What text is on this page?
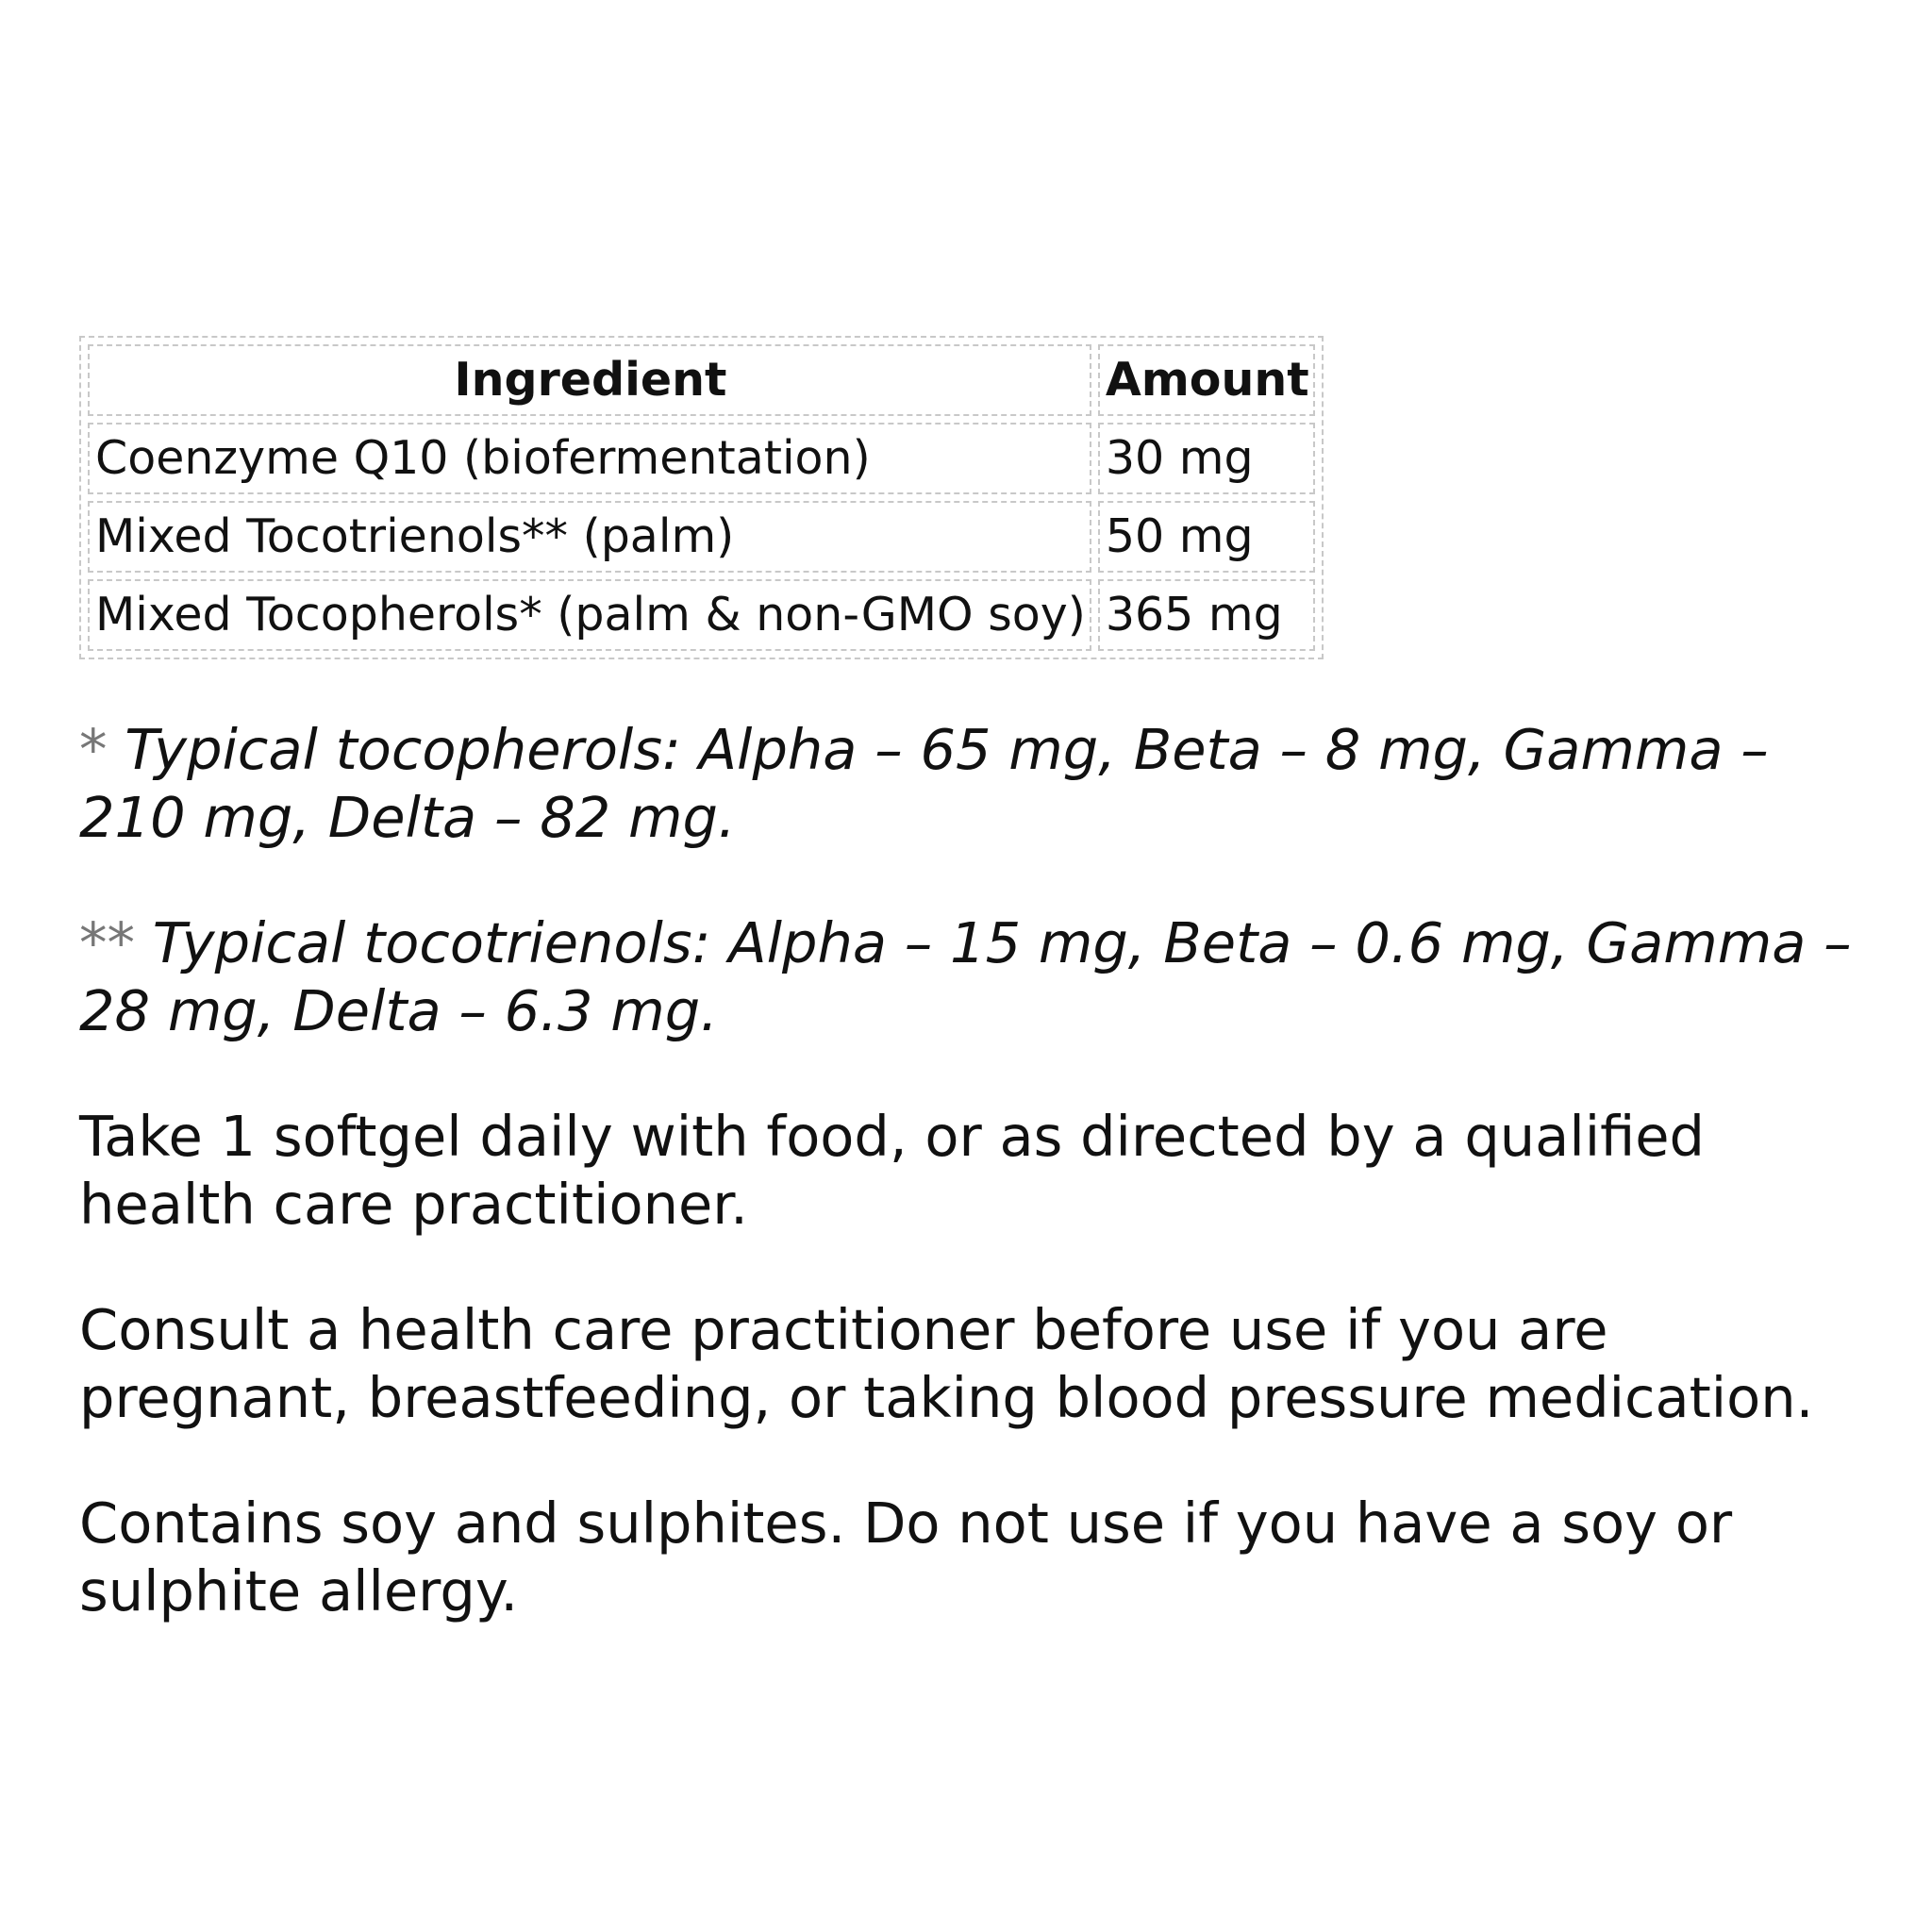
Ingredient	Amount
Coenzyme Q10 (biofermentation)	30 mg
Mixed Tocotrienols** (palm)	50 mg
Mixed Tocopherols* (palm & non-GMO soy)	365 mg

* Typical tocopherols: Alpha – 65 mg, Beta – 8 mg, Gamma – 210 mg, Delta – 82 mg.

** Typical tocotrienols: Alpha – 15 mg, Beta – 0.6 mg, Gamma – 28 mg, Delta – 6.3 mg.

Take 1 softgel daily with food, or as directed by a qualified health care practitioner.

Consult a health care practitioner before use if you are pregnant, breastfeeding, or taking blood pressure medication.

Contains soy and sulphites. Do not use if you have a soy or sulphite allergy.
